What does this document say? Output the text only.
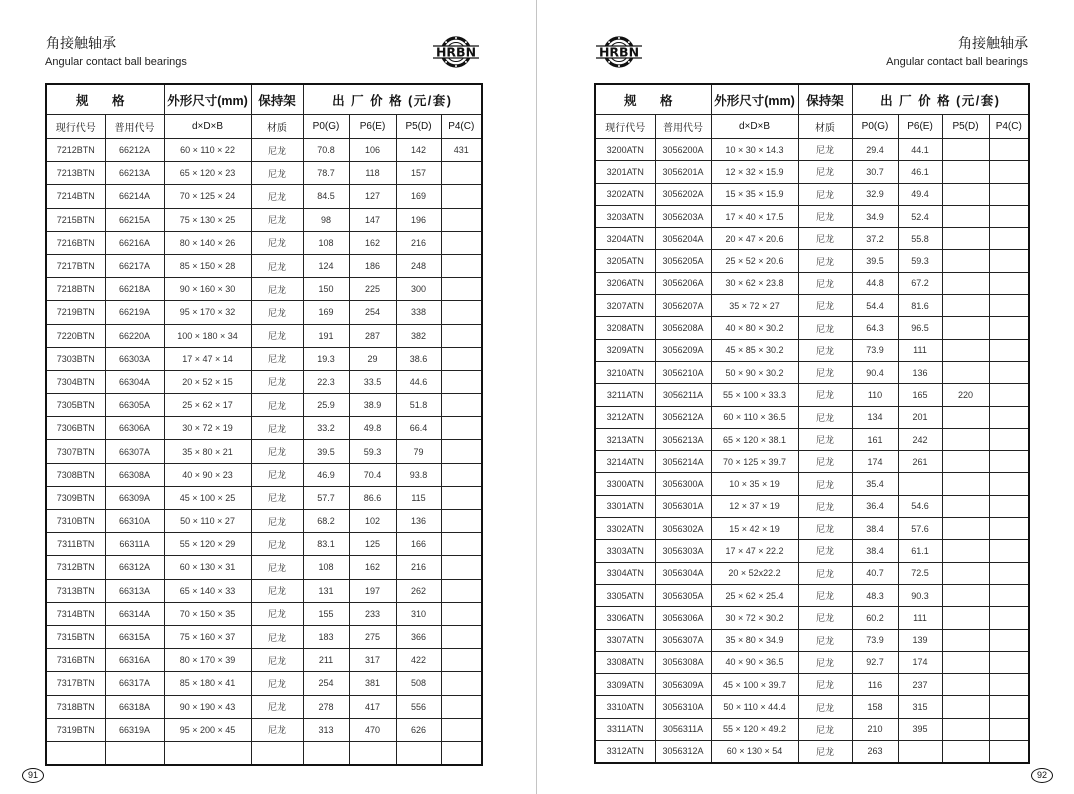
角接触轴承
Angular contact ball bearings
HRBN
规 格		外形尺寸(mm)	保持架	出 厂 价 格 (元/套)			
现行代号	普用代号	d×D×B	材质	P0(G)	P6(E)	P5(D)	P4(C)
7212BTN	66212A	60 × 110 × 22	尼龙	70.8	106	142	431
7213BTN	66213A	65 × 120 × 23	尼龙	78.7	118	157	
7214BTN	66214A	70 × 125 × 24	尼龙	84.5	127	169	
7215BTN	66215A	75 × 130 × 25	尼龙	98	147	196	
7216BTN	66216A	80 × 140 × 26	尼龙	108	162	216	
7217BTN	66217A	85 × 150 × 28	尼龙	124	186	248	
7218BTN	66218A	90 × 160 × 30	尼龙	150	225	300	
7219BTN	66219A	95 × 170 × 32	尼龙	169	254	338	
7220BTN	66220A	100 × 180 × 34	尼龙	191	287	382	
7303BTN	66303A	17 × 47 × 14	尼龙	19.3	29	38.6	
7304BTN	66304A	20 × 52 × 15	尼龙	22.3	33.5	44.6	
7305BTN	66305A	25 × 62 × 17	尼龙	25.9	38.9	51.8	
7306BTN	66306A	30 × 72 × 19	尼龙	33.2	49.8	66.4	
7307BTN	66307A	35 × 80 × 21	尼龙	39.5	59.3	79	
7308BTN	66308A	40 × 90 × 23	尼龙	46.9	70.4	93.8	
7309BTN	66309A	45 × 100 × 25	尼龙	57.7	86.6	115	
7310BTN	66310A	50 × 110 × 27	尼龙	68.2	102	136	
7311BTN	66311A	55 × 120 × 29	尼龙	83.1	125	166	
7312BTN	66312A	60 × 130 × 31	尼龙	108	162	216	
7313BTN	66313A	65 × 140 × 33	尼龙	131	197	262	
7314BTN	66314A	70 × 150 × 35	尼龙	155	233	310	
7315BTN	66315A	75 × 160 × 37	尼龙	183	275	366	
7316BTN	66316A	80 × 170 × 39	尼龙	211	317	422	
7317BTN	66317A	85 × 180 × 41	尼龙	254	381	508	
7318BTN	66318A	90 × 190 × 43	尼龙	278	417	556	
7319BTN	66319A	95 × 200 × 45	尼龙	313	470	626	

91
HRBN
角接触轴承
Angular contact ball bearings
规 格		外形尺寸(mm)	保持架	出 厂 价 格 (元/套)			
现行代号	普用代号	d×D×B	材质	P0(G)	P6(E)	P5(D)	P4(C)
3200ATN	3056200A	10 × 30 × 14.3	尼龙	29.4	44.1		
3201ATN	3056201A	12 × 32 × 15.9	尼龙	30.7	46.1		
3202ATN	3056202A	15 × 35 × 15.9	尼龙	32.9	49.4		
3203ATN	3056203A	17 × 40 × 17.5	尼龙	34.9	52.4		
3204ATN	3056204A	20 × 47 × 20.6	尼龙	37.2	55.8		
3205ATN	3056205A	25 × 52 × 20.6	尼龙	39.5	59.3		
3206ATN	3056206A	30 × 62 × 23.8	尼龙	44.8	67.2		
3207ATN	3056207A	35 × 72 × 27	尼龙	54.4	81.6		
3208ATN	3056208A	40 × 80 × 30.2	尼龙	64.3	96.5		
3209ATN	3056209A	45 × 85 × 30.2	尼龙	73.9	111		
3210ATN	3056210A	50 × 90 × 30.2	尼龙	90.4	136		
3211ATN	3056211A	55 × 100 × 33.3	尼龙	110	165	220	
3212ATN	3056212A	60 × 110 × 36.5	尼龙	134	201		
3213ATN	3056213A	65 × 120 × 38.1	尼龙	161	242		
3214ATN	3056214A	70 × 125 × 39.7	尼龙	174	261		
3300ATN	3056300A	10 × 35 × 19	尼龙	35.4			
3301ATN	3056301A	12 × 37 × 19	尼龙	36.4	54.6		
3302ATN	3056302A	15 × 42 × 19	尼龙	38.4	57.6		
3303ATN	3056303A	17 × 47 × 22.2	尼龙	38.4	61.1		
3304ATN	3056304A	20 × 52x22.2	尼龙	40.7	72.5		
3305ATN	3056305A	25 × 62 × 25.4	尼龙	48.3	90.3		
3306ATN	3056306A	30 × 72 × 30.2	尼龙	60.2	111		
3307ATN	3056307A	35 × 80 × 34.9	尼龙	73.9	139		
3308ATN	3056308A	40 × 90 × 36.5	尼龙	92.7	174		
3309ATN	3056309A	45 × 100 × 39.7	尼龙	116	237		
3310ATN	3056310A	50 × 110 × 44.4	尼龙	158	315		
3311ATN	3056311A	55 × 120 × 49.2	尼龙	210	395		
3312ATN	3056312A	60 × 130 × 54	尼龙	263			
92
